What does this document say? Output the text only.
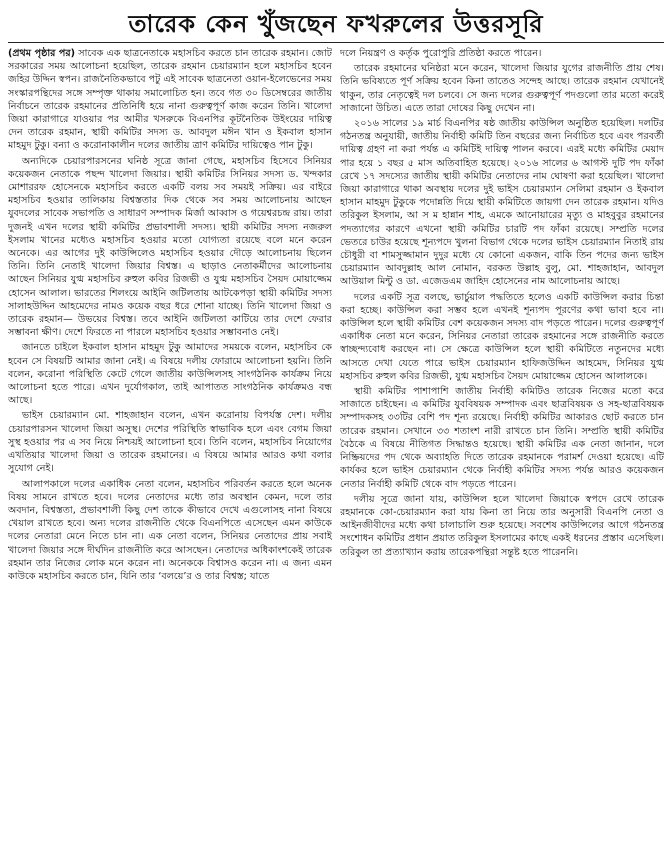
তারেক কেন খুঁজছেন ফখরুলের উত্তরসূরি

(প্রথম পৃষ্ঠার পর) সাবেক এক ছাত্রনেতাকে মহাসচিব করতে চান তারেক রহমান। জোট সরকারের সময় আলোচনা হয়েছিল, তারেক রহমান চেয়ারম্যান হলে মহাসচিব হবেন জহির উদ্দিন স্বপন। রাজনৈতিকভাবে পটু এই সাবেক ছাত্রনেতা ওয়ান-ইলেভেনের সময় সংস্কারপন্থিদের সঙ্গে সম্পৃক্ত থাকায় সমালোচিত হন। তবে গত ৩০ ডিসেম্বরের জাতীয় নির্বাচনে তারেক রহমানের প্রতিনিধি হয়ে নানা গুরুত্বপূর্ণ কাজ করেন তিনি। খালেদা জিয়া কারাগারে যাওয়ার পর আমীর খসরুকে বিএনপির কূটনৈতিক উইংয়ের দায়িত্ব দেন তারেক রহমান, স্থায়ী কমিটির সদস্য ড. আবদুল মঈন খান ও ইকবাল হাসান মাহমুদ টুকু। বন্যা ও করোনাকালীন দলের জাতীয় ত্রাণ কমিটির দায়িত্বেও পান টুকু।

অন্যদিকে চেয়ারপারসনের ঘনিষ্ঠ সূত্রে জানা গেছে, মহাসচিব হিসেবে সিনিয়র কয়েকজন নেতাকে পছন্দ খালেদা জিয়ার। স্থায়ী কমিটির সিনিয়র সদস্য ড. খন্দকার মোশাররফ হোসেনকে মহাসচিব করতে একটি বলয় সব সময়ই সক্রিয়। এর বাইরে মহাসচিব হওয়ার তালিকায় বিশ্বস্ততার দিক থেকে সব সময় আলোচনায় আছেন যুবদলের সাবেক সভাপতি ও সাধারণ সম্পাদক মির্জা আব্বাস ও গয়েশ্বরচন্দ্র রায়। তারা দুজনই এখন দলের স্থায়ী কমিটির প্রভাবশালী সদস্য। স্থায়ী কমিটির সদস্য নজরুল ইসলাম খানের মধ্যেও মহাসচিব হওয়ার মতো যোগ্যতা রয়েছে বলে মনে করেন অনেকে। এর আগের দুই কাউন্সিলেও মহাসচিব হওয়ার দৌড়ে আলোচনায় ছিলেন তিনি। তিনি নেতাই খালেদা জিয়ার বিশ্বস্ত। এ ছাড়াও নেতাকর্মীদের আলোচনায় আছেন সিনিয়র যুগ্ম মহাসচিব রুহুল কবির রিজভী ও যুগ্ম মহাসচিব সৈয়দ মোয়াজ্জেম হোসেন আলাল। ভারতের শিলংয়ে আইনি জটিলতায় আটকেপড়া স্থায়ী কমিটির সদস্য সালাহউদ্দিন আহমেদের নামও কয়েক বছর ধরে শোনা যাচ্ছে। তিনি খালেদা জিয়া ও তারেক রহমান— উভয়ের বিশ্বস্ত। তবে আইনি জটিলতা কাটিয়ে তার দেশে ফেরার সম্ভাবনা ক্ষীণ। দেশে ফিরতে না পারলে মহাসচিব হওয়ার সম্ভাবনাও নেই।

জানতে চাইলে ইকবাল হাসান মাহমুদ টুকু আমাদের সময়কে বলেন, মহাসচিব কে হবেন সে বিষয়টি আমার জানা নেই। এ বিষয়ে দলীয় ফোরামে আলোচনা হয়নি। তিনি বলেন, করোনা পরিস্থিতি কেটে গেলে জাতীয় কাউন্সিলসহ সাংগঠনিক কার্যক্রম নিয়ে আলোচনা হতে পারে। এখন দুর্যোগকাল, তাই আপাতত সাংগঠনিক কার্যক্রমও বন্ধ আছে।

ভাইস চেয়ারম্যান মো. শাহজাহান বলেন, এখন করোনায় বিপর্যস্ত দেশ। দলীয় চেয়ারপারসন খালেদা জিয়া অসুস্থ। দেশের পরিস্থিতি স্বাভাবিক হলে এবং বেগম জিয়া সুস্থ হওয়ার পর এ সব নিয়ে নিশ্চয়ই আলোচনা হবে। তিনি বলেন, মহাসচিব নিয়োগের এখতিয়ার খালেদা জিয়া ও তারেক রহমানের। এ বিষয়ে আমার আরও কথা বলার সুযোগ নেই।

আলাপকালে দলের একাধিক নেতা বলেন, মহাসচিব পরিবর্তন করতে হলে অনেক বিষয় সামনে রাখতে হবে। দলের নেতাদের মধ্যে তার অবস্থান কেমন, দলে তার অবদান, বিশ্বস্ততা, প্রভাবশালী কিছু দেশ তাকে কীভাবে দেখে এগুলোসহ নানা বিষয়ে খেয়াল রাখতে হবে। অন্য দলের রাজনীতি থেকে বিএনপিতে এসেছেন এমন কাউকে দলের নেতারা মেনে নিতে চান না। এক নেতা বলেন, সিনিয়র নেতাদের প্রায় সবাই খালেদা জিয়ার সঙ্গে দীর্ঘদিন রাজনীতি করে আসছেন। নেতাদের অধিকাংশকেই তারেক রহমান তার নিজের লোক মনে করেন না। অনেককে বিশ্বাসও করেন না। এ জন্য এমন কাউকে মহাসচিব করতে চান, যিনি তার ‘বলয়ে’র ও তার বিশ্বস্ত; যাতে

দলে নিয়ন্ত্রণ ও কর্তৃক পুরোপুরি প্রতিষ্ঠা করতে পারেন।

তারেক রহমানের ঘনিষ্ঠরা মনে করেন, খালেদা জিয়ার যুগের রাজনীতি প্রায় শেষ। তিনি ভবিষ্যতে পূর্ণ সক্রিয় হবেন কিনা তাতেও সন্দেহ আছে। তারেক রহমান যেখানেই থাকুন, তার নেতৃত্বেই দল চলবে। সে জন্য দলের গুরুত্বপূর্ণ পদগুলো তার মতো করেই সাজানো উচিত। এতে তারা দোষের কিছু দেখেন না।

২০১৬ সালের ১৯ মার্চ বিএনপির ষষ্ঠ জাতীয় কাউন্সিল অনুষ্ঠিত হয়েছিল। দলটির গঠনতন্ত্র অনুযায়ী, জাতীয় নির্বাহী কমিটি তিন বছরের জন্য নির্বাচিত হবে এবং পরবর্তী দায়িত্ব গ্রহণ না করা পর্যন্ত এ কমিটিই দায়িত্ব পালন করবে। এরই মধ্যে কমিটির মেয়াদ পার হয়ে ১ বছর ৫ মাস অতিবাহিত হয়েছে। ২০১৬ সালের ৬ আগস্ট দুটি পদ ফাঁকা রেখে ১৭ সদস্যের জাতীয় স্থায়ী কমিটির নেতাদের নাম ঘোষণা করা হয়েছিল। খালেদা জিয়া কারাগারে থাকা অবস্থায় দলের দুই ভাইস চেয়ারম্যান সেলিমা রহমান ও ইকবাল হাসান মাহমুদ টুকুকে পদোন্নতি দিয়ে স্থায়ী কমিটিতে জায়গা দেন তারেক রহমান। যদিও তরিকুল ইসলাম, আ স ম হান্নান শাহ, এমকে আনোয়ারের মৃত্যু ও মাহবুবুর রহমানের পদত্যাগের কারণে এখনো স্থায়ী কমিটির চারটি পদ ফাঁকা রয়েছে। সম্প্রতি দলের ভেতরে চাউর হয়েছে শূন্যপদে খুলনা বিভাগ থেকে দলের ভাইস চেয়ারম্যান নিতাই রায় চৌধুরী বা শামসুজ্জামান দুদুর মধ্যে যে কোনো একজন, বাকি তিন পদের জন্য ভাইস চেয়ারম্যান আবদুল্লাহ আল নোমান, বরকত উল্লাহ বুলু, মো. শাহজাহান, আবদুল আউয়াল মিন্টু ও ডা. এজেডএম জাহিদ হোসেনের নাম আলোচনায় আছে।

দলের একটি সূত্র বলছে, ভার্চুয়াল পদ্ধতিতে হলেও একটি কাউন্সিল করার চিন্তা করা হচ্ছে। কাউন্সিল করা সম্ভব হলে এখনই শূন্যপদ পূরণের কথা ভাবা হবে না। কাউন্সিল হলে স্থায়ী কমিটির বেশ কয়েকজন সদস্য বাদ পড়তে পারেন। দলের গুরুত্বপূর্ণ একাধিক নেতা মনে করেন, সিনিয়র নেতারা তারেক রহমানের সঙ্গে রাজনীতি করতে স্বাচ্ছন্দ্যবোধ করছেন না। সে ক্ষেত্রে কাউন্সিল হলে স্থায়ী কমিটিতে নতুনদের মধ্যে আসতে দেখা যেতে পারে ভাইস চেয়ারম্যান হাফিজউদ্দিন আহমেদ, সিনিয়র যুগ্ম মহাসচিব রুহুল কবির রিজভী, যুগ্ম মহাসচিব সৈয়দ মোয়াজ্জেম হোসেন আলালকে।

স্থায়ী কমিটির পাশাপাশি জাতীয় নির্বাহী কমিটিও তারেক নিজের মতো করে সাজাতে চাইছেন। এ কমিটির যুববিষয়ক সম্পাদক এবং ছাত্রবিষয়ক ও সহ-ছাত্রবিষয়ক সম্পাদকসহ ৩৩টির বেশি পদ শূন্য রয়েছে। নির্বাহী কমিটির আকারও ছোট করতে চান তারেক রহমান। সেখানে ৩৩ শতাংশ নারী রাখতে চান তিনি। সম্প্রতি স্থায়ী কমিটির বৈঠকে এ বিষয়ে নীতিগত সিদ্ধান্তও হয়েছে। স্থায়ী কমিটির এক নেতা জানান, দলে নিষ্ক্রিয়দের পদ থেকে অব্যাহতি দিতে তারেক রহমানকে পরামর্শ দেওয়া হয়েছে। এটি কার্যকর হলে ভাইস চেয়ারম্যান থেকে নির্বাহী কমিটির সদস্য পর্যন্ত আরও কয়েকজন নেতার নির্বাহী কমিটি থেকে বাদ পড়তে পারেন।

দলীয় সূত্রে জানা যায়, কাউন্সিল হলে খালেদা জিয়াকে স্বপদে রেখে তারেক রহমানকে কো-চেয়ারম্যান করা যায় কিনা তা নিয়ে তার অনুসারী বিএনপি নেতা ও আইনজীবীদের মধ্যে কথা চালাচালি শুরু হয়েছে। সবশেষ কাউন্সিলের আগে গঠনতন্ত্র সংশোধন কমিটির প্রধান প্রয়াত তরিকুল ইসলামের কাছে একই ধরনের প্রস্তাব এসেছিল। তরিকুল তা প্রত্যাখ্যান করায় তারেকপন্থিরা সন্তুষ্ট হতে পারেননি।
